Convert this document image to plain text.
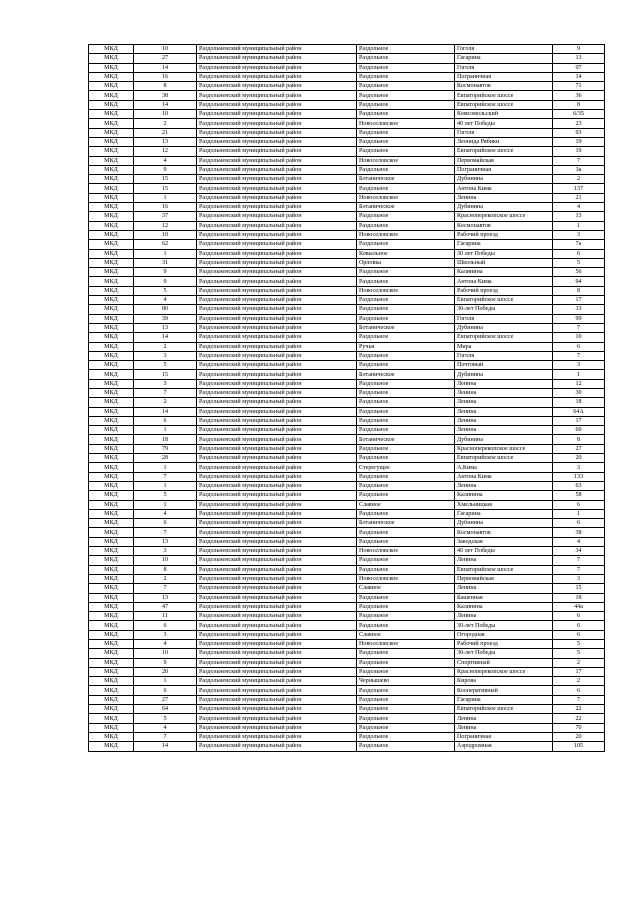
МКД	10	Раздольненский муниципальный район	Раздольное	Гоголя	9
МКД	27	Раздольненский муниципальный район	Раздольное	Гагарина	13
МКД	14	Раздольненский муниципальный район	Раздольное	Гоголя	97
МКД	16	Раздольненский муниципальный район	Раздольное	Пограничная	14
МКД	8	Раздольненский муниципальный район	Раздольное	Космонавтов	71
МКД	38	Раздольненский муниципальный район	Раздольное	Евпаторийское шоссе	36
МКД	14	Раздольненский муниципальный район	Раздольное	Евпаторийское шоссе	8
МКД	10	Раздольненский муниципальный район	Раздольное	Комсомольский	6/35
МКД	2	Раздольненский муниципальный район	Новоселовское	40 лет Победы	23
МКД	21	Раздольненский муниципальный район	Раздольное	Гоголя	93
МКД	13	Раздольненский муниципальный район	Раздольное	Леонида Рябики	19
МКД	12	Раздольненский муниципальный район	Раздольное	Евпаторийское шоссе	19
МКД	4	Раздольненский муниципальный район	Новоселовское	Первомайская	7
МКД	9	Раздольненский муниципальный район	Раздольное	Пограничная	3а
МКД	15	Раздольненский муниципальный район	Ботаническое	Дубинина	2
МКД	15	Раздольненский муниципальный район	Раздольное	Антона Кима	137
МКД	1	Раздольненский муниципальный район	Новоселовское	Ленина	21
МКД	16	Раздольненский муниципальный район	Ботаническое	Дубинина	4
МКД	37	Раздольненский муниципальный район	Раздольное	Красноперекопское шоссе	13
МКД	12	Раздольненский муниципальный район	Раздольное	Космонавтов	1
МКД	10	Раздольненский муниципальный район	Новоселовское	Рабочий проезд	3
МКД	62	Раздольненский муниципальный район	Раздольное	Гагарина	7а
МКД	1	Раздольненский муниципальный район	Ковыльное	30 лет Победы	6
МКД	31	Раздольненский муниципальный район	Орловка	Школьный	5
МКД	9	Раздольненский муниципальный район	Раздольное	Калинина	56
МКД	9	Раздольненский муниципальный район	Раздольное	Антона Кима	94
МКД	5	Раздольненский муниципальный район	Новоселовское	Рабочий проезд	8
МКД	4	Раздольненский муниципальный район	Раздольное	Евпаторийское шоссе	17
МКД	80	Раздольненский муниципальный район	Раздольное	30-лет Победы	33
МКД	39	Раздольненский муниципальный район	Раздольное	Гоголя	99
МКД	13	Раздольненский муниципальный район	Ботаническое	Дубинина	7
МКД	14	Раздольненский муниципальный район	Раздольное	Евпаторийское шоссе	10
МКД	2	Раздольненский муниципальный район	Ручьи	Мира	6
МКД	3	Раздольненский муниципальный район	Раздольное	Гоголя	7
МКД	5	Раздольненский муниципальный район	Раздольное	Почтовый	3
МКД	15	Раздольненский муниципальный район	Ботаническое	Дубинина	1
МКД	3	Раздольненский муниципальный район	Раздольное	Ленина	12
МКД	7	Раздольненский муниципальный район	Раздольное	Ленина	30
МКД	2	Раздольненский муниципальный район	Раздольное	Ленина	18
МКД	14	Раздольненский муниципальный район	Раздольное	Ленина	64А
МКД	6	Раздольненский муниципальный район	Раздольное	Ленина	17
МКД	1	Раздольненский муниципальный район	Раздольное	Ленина	60
МКД	18	Раздольненский муниципальный район	Ботаническое	Дубинина	8
МКД	79	Раздольненский муниципальный район	Раздольное	Красноперекопское шоссе	27
МКД	28	Раздольненский муниципальный район	Раздольное	Евпаторийское шоссе	20
МКД	1	Раздольненский муниципальный район	Стерегущее	А.Кима	3
МКД	7	Раздольненский муниципальный район	Раздольное	Антона Кима	133
МКД	1	Раздольненский муниципальный район	Раздольное	Ленина	63
МКД	5	Раздольненский муниципальный район	Раздольное	Калинина	58
МКД	1	Раздольненский муниципальный район	Славное	Хмельницкая	6
МКД	4	Раздольненский муниципальный район	Раздольное	Гагарина	1
МКД	6	Раздольненский муниципальный район	Ботаническое	Дубинина	6
МКД	7	Раздольненский муниципальный район	Раздольное	Космонавтов	38
МКД	13	Раздольненский муниципальный район	Раздольное	Заводская	4
МКД	3	Раздольненский муниципальный район	Новоселовское	40 лет Победы	34
МКД	10	Раздольненский муниципальный район	Раздольное	Ленина	7
МКД	8	Раздольненский муниципальный район	Раздольное	Евпаторийское шоссе	7
МКД	2	Раздольненский муниципальный район	Новоселовское	Первомайская	3
МКД	7	Раздольненский муниципальный район	Славное	Ленина	15
МКД	13	Раздольненский муниципальный район	Раздольное	Башенная	18
МКД	47	Раздольненский муниципальный район	Раздольное	Калинина	44а
МКД	11	Раздольненский муниципальный район	Раздольное	Ленина	6
МКД	6	Раздольненский муниципальный район	Раздольное	30-лет Победы	6
МКД	3	Раздольненский муниципальный район	Славное	Огородная	6
МКД	4	Раздольненский муниципальный район	Новоселовское	Рабочий проезд	5
МКД	10	Раздольненский муниципальный район	Раздольное	30-лет Победы	5
МКД	9	Раздольненский муниципальный район	Раздольное	Спортивный	2
МКД	20	Раздольненский муниципальный район	Раздольное	Красноперекопское шоссе	17
МКД	1	Раздольненский муниципальный район	Чернышево	Кирова	2
МКД	6	Раздольненский муниципальный район	Раздольное	Кооперативный	6
МКД	27	Раздольненский муниципальный район	Раздольное	Гагарина	7
МКД	64	Раздольненский муниципальный район	Раздольное	Евпаторийское шоссе	22
МКД	5	Раздольненский муниципальный район	Раздольное	Ленина	22
МКД	4	Раздольненский муниципальный район	Раздольное	Ленина	70
МКД	7	Раздольненский муниципальный район	Раздольное	Пограничная	20
МКД	14	Раздольненский муниципальный район	Раздольное	Аэродромная	105
